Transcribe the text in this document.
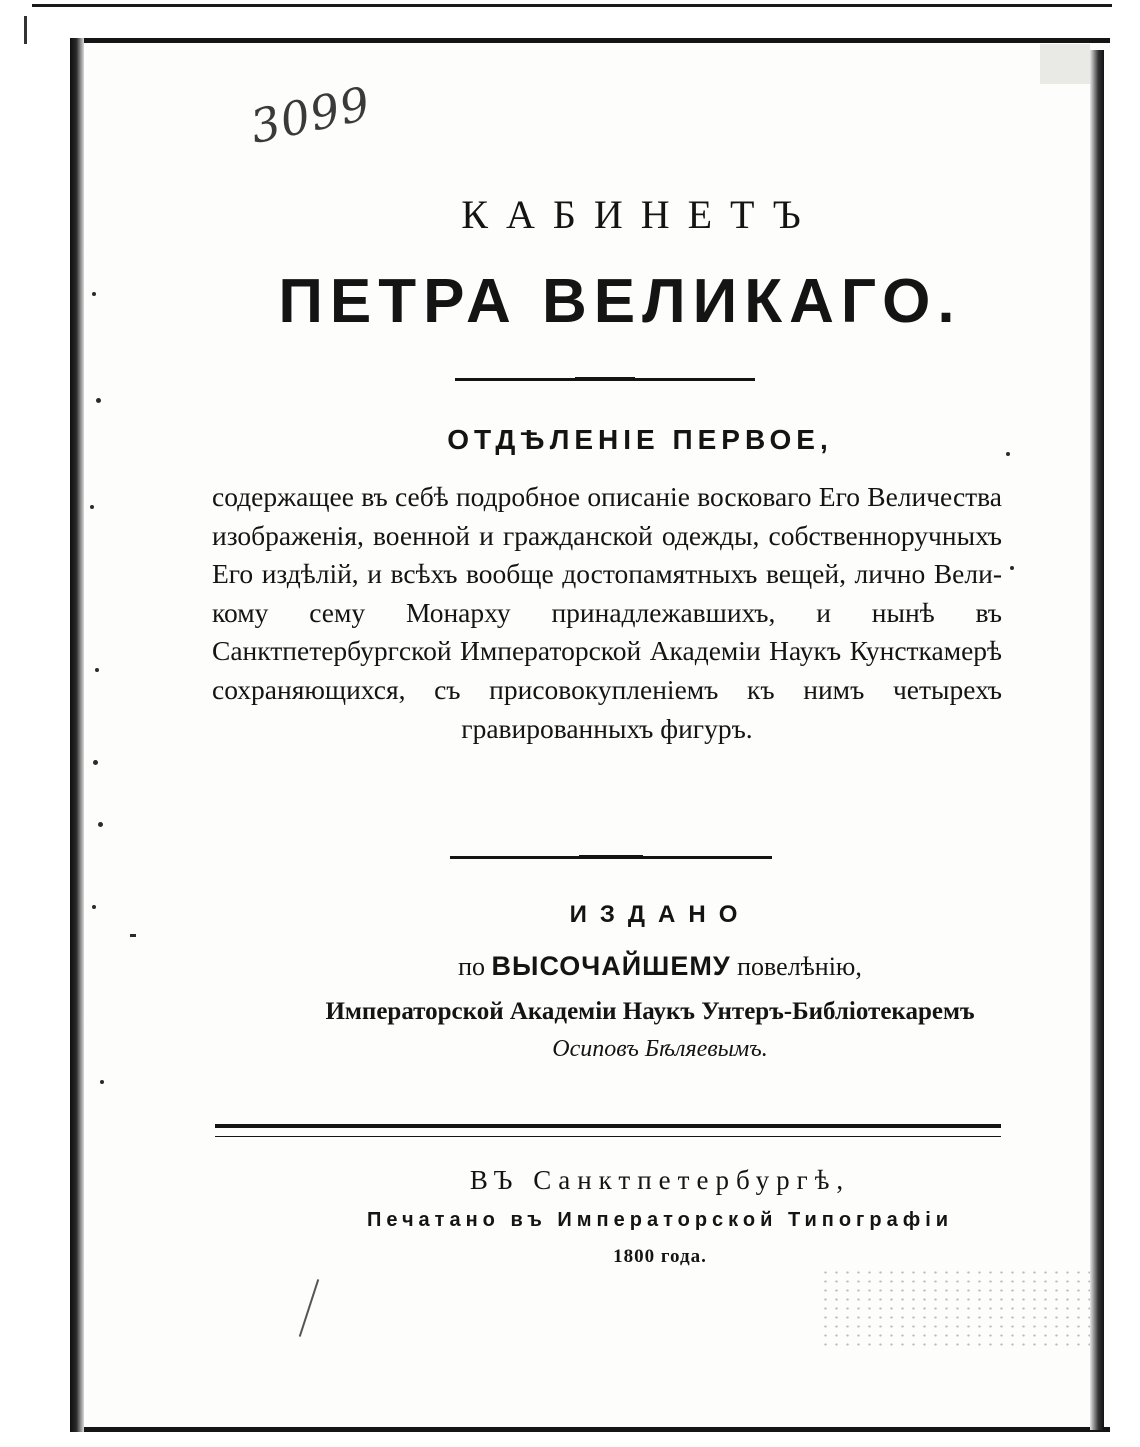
3099
КАБИНЕТЪ
ПЕТРА ВЕЛИКАГО.
ОТДѢЛЕНІЕ ПЕРВОЕ,
содержащее въ себѣ подробное описаніе восковаго Его Величества изображенія, военной и гражданской одежды, собственноручныхъ Его издѣлій, и всѣхъ вообще достопамятныхъ вещей, лично Великому сему Монарху принадлежавшихъ, и нынѣ въ Санктпетербургской Императорской Академіи Наукъ Кунсткамерѣ сохраняющихся, съ присовокупленіемъ къ нимъ четырехъ гравированныхъ фигуръ.
ИЗДАНО
по ВЫСОЧАЙШЕМУ повелѣнію,
Императорской Академіи Наукъ Унтеръ-Библіотекаремъ
Осиповъ Бѣляевымъ.
ВЪ Санктпетербургѣ,
Печатано въ Императорской Типографіи
1800 года.
